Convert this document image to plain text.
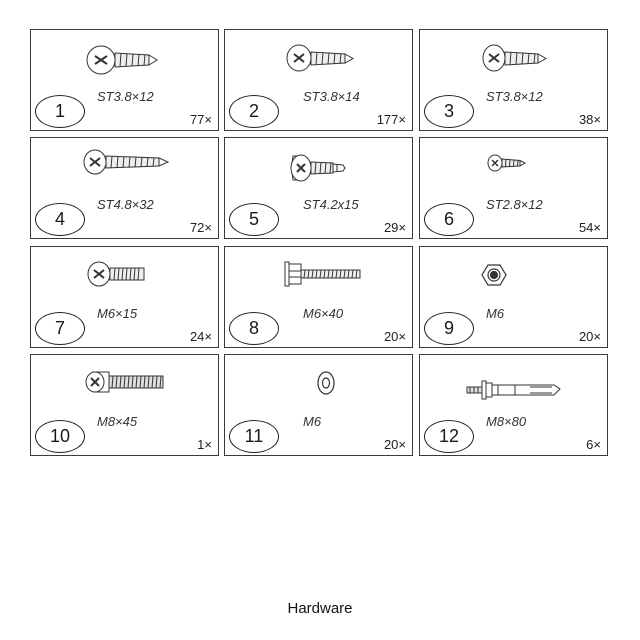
1
ST3.8×12
77×	2
ST3.8×14
177×	3
ST3.8×12
38×
4
ST4.8×32
72×	5
ST4.2x15
29×	6
ST2.8×12
54×
7
M6×15
24×	8
M6×40
20×	9
M6
20×
10
M8×45
1×	11
M6
20×	12
M8×80
6×
Hardware
